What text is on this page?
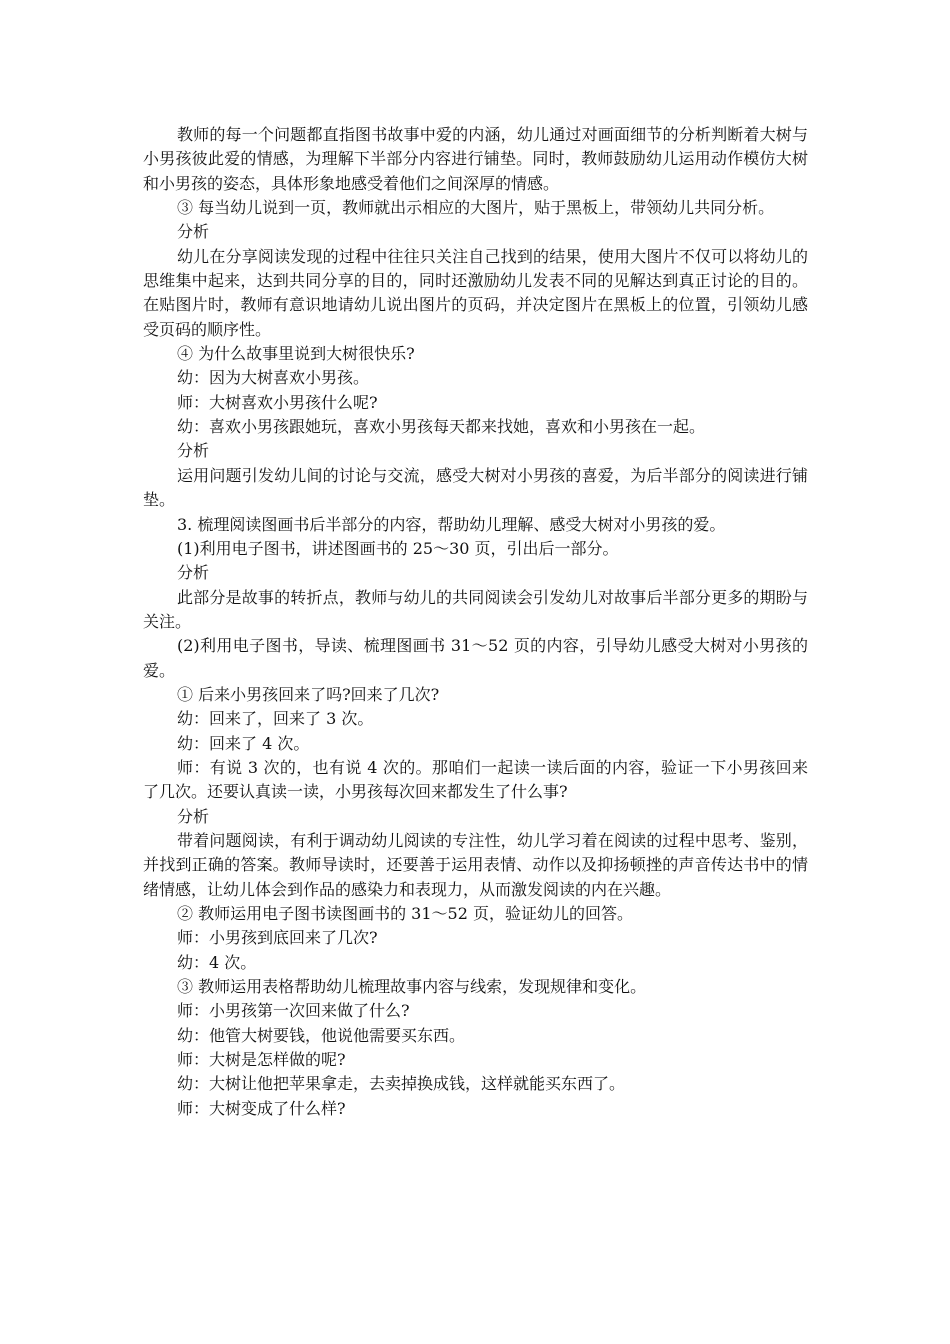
教师的每一个问题都直指图书故事中爱的内涵，幼儿通过对画面细节的分析判断着大树与小男孩彼此爱的情感，为理解下半部分内容进行铺垫。同时，教师鼓励幼儿运用动作模仿大树和小男孩的姿态，具体形象地感受着他们之间深厚的情感。

③ 每当幼儿说到一页，教师就出示相应的大图片，贴于黑板上，带领幼儿共同分析。

分析

幼儿在分享阅读发现的过程中往往只关注自己找到的结果，使用大图片不仅可以将幼儿的思维集中起来，达到共同分享的目的，同时还激励幼儿发表不同的见解达到真正讨论的目的。在贴图片时，教师有意识地请幼儿说出图片的页码，并决定图片在黑板上的位置，引领幼儿感受页码的顺序性。

④ 为什么故事里说到大树很快乐?

幼：因为大树喜欢小男孩。

师：大树喜欢小男孩什么呢?

幼：喜欢小男孩跟她玩，喜欢小男孩每天都来找她，喜欢和小男孩在一起。

分析

运用问题引发幼儿间的讨论与交流，感受大树对小男孩的喜爱，为后半部分的阅读进行铺垫。

3. 梳理阅读图画书后半部分的内容，帮助幼儿理解、感受大树对小男孩的爱。

(1)利用电子图书，讲述图画书的 25～30 页，引出后一部分。

分析

此部分是故事的转折点，教师与幼儿的共同阅读会引发幼儿对故事后半部分更多的期盼与关注。

(2)利用电子图书，导读、梳理图画书 31～52 页的内容，引导幼儿感受大树对小男孩的爱。

① 后来小男孩回来了吗?回来了几次?

幼：回来了，回来了 3 次。

幼：回来了 4 次。

师：有说 3 次的，也有说 4 次的。那咱们一起读一读后面的内容，验证一下小男孩回来了几次。还要认真读一读，小男孩每次回来都发生了什么事?

分析

带着问题阅读，有利于调动幼儿阅读的专注性，幼儿学习着在阅读的过程中思考、鉴别，并找到正确的答案。教师导读时，还要善于运用表情、动作以及抑扬顿挫的声音传达书中的情绪情感，让幼儿体会到作品的感染力和表现力，从而激发阅读的内在兴趣。

② 教师运用电子图书读图画书的 31～52 页，验证幼儿的回答。

师：小男孩到底回来了几次?

幼：4 次。

③ 教师运用表格帮助幼儿梳理故事内容与线索，发现规律和变化。

师：小男孩第一次回来做了什么?

幼：他管大树要钱，他说他需要买东西。

师：大树是怎样做的呢?

幼：大树让他把苹果拿走，去卖掉换成钱，这样就能买东西了。

师：大树变成了什么样?
